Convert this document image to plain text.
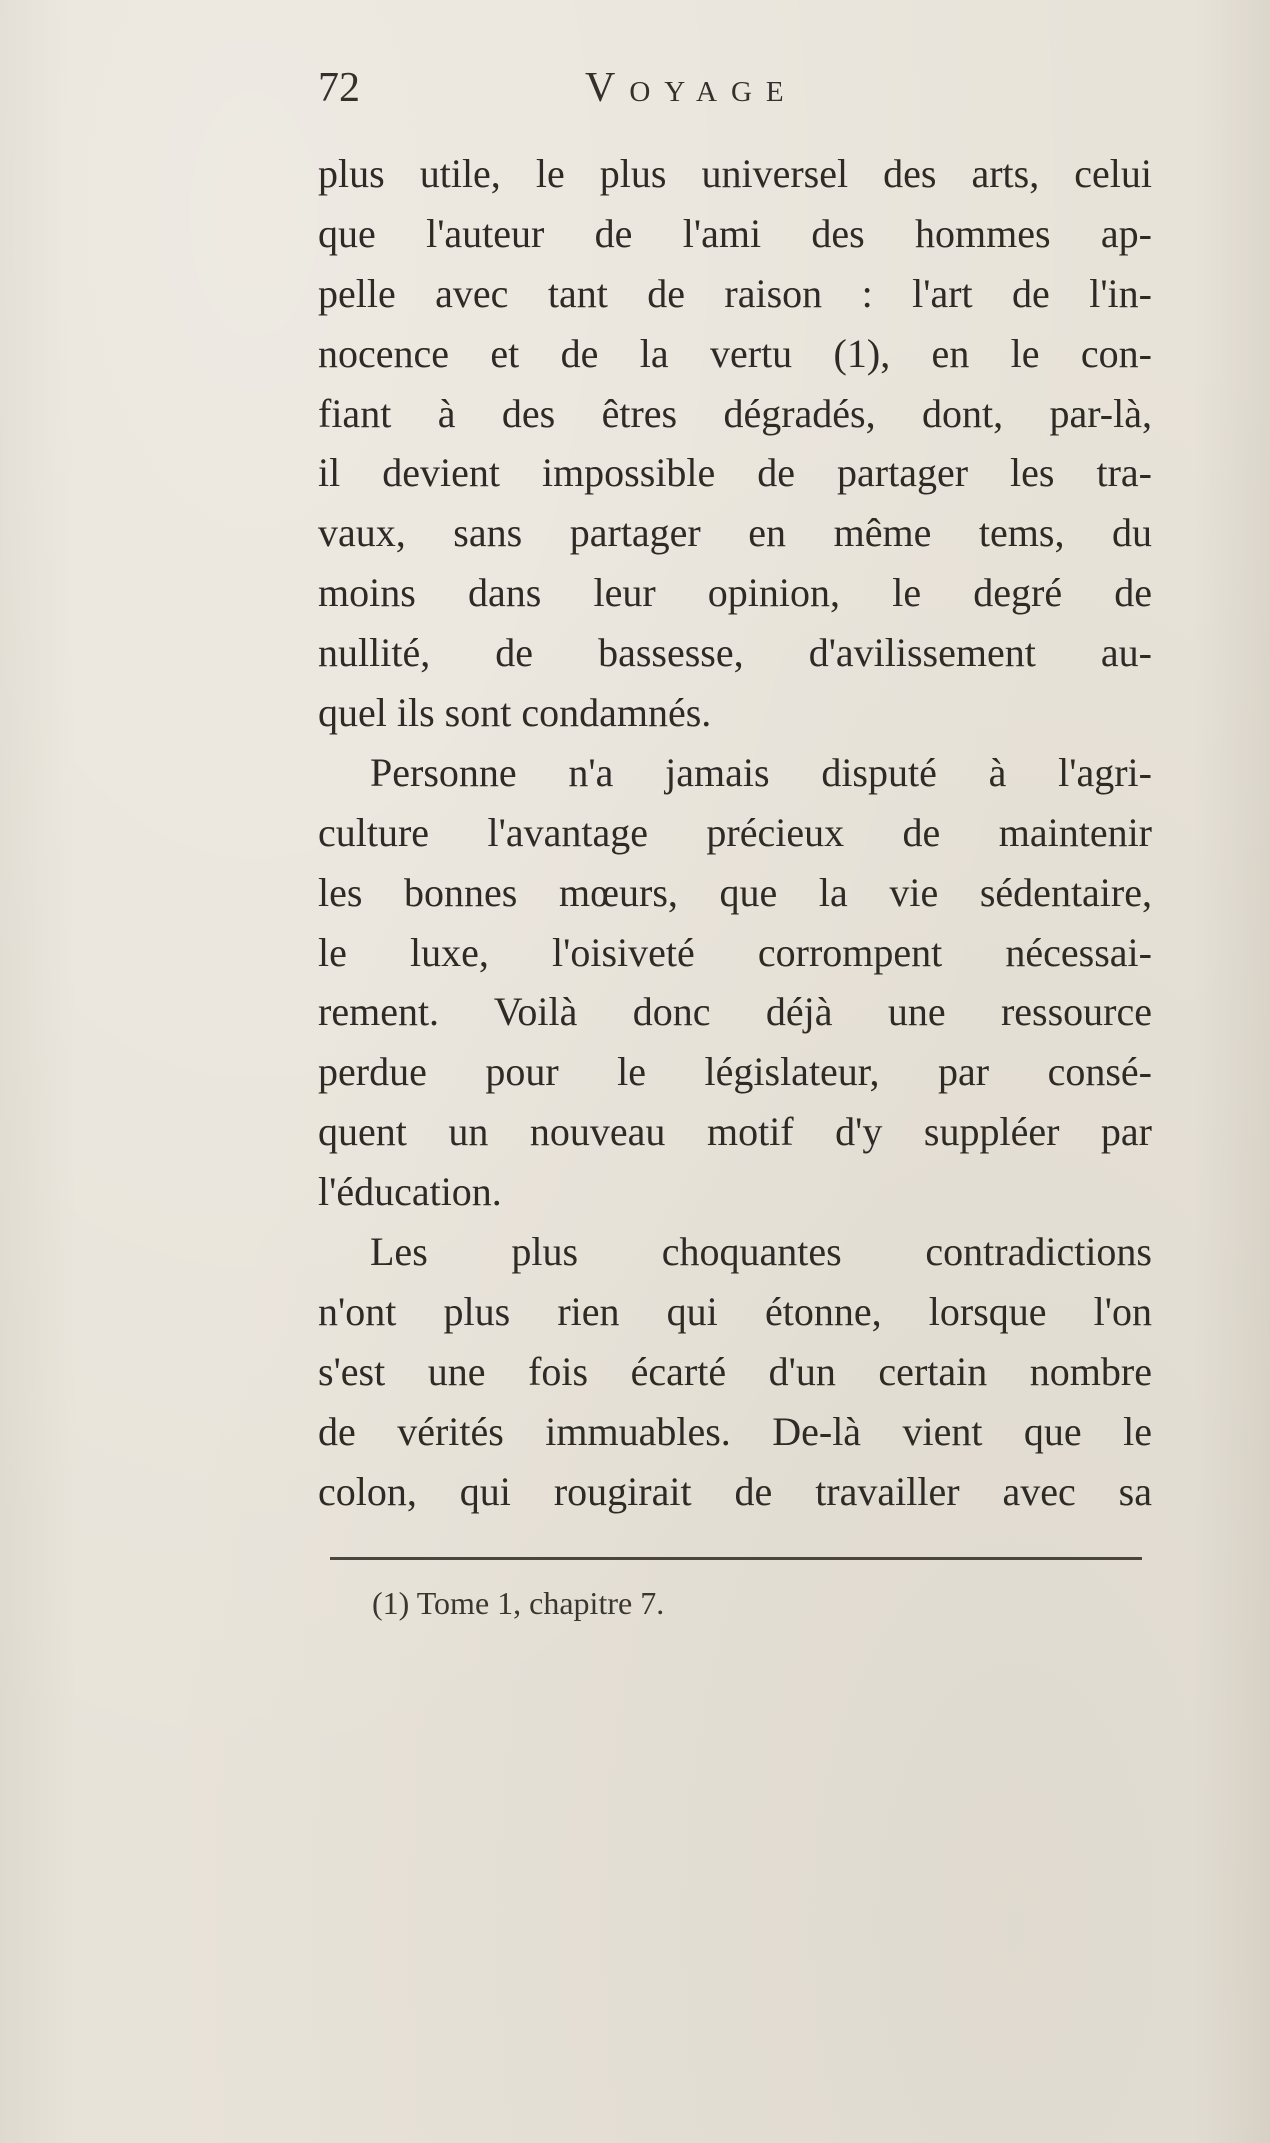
72	Voyage
plus utile, le plus universel des arts, celui
que l'auteur de l'ami des hommes ap-
pelle avec tant de raison : l'art de l'in-
nocence et de la vertu (1), en le con-
fiant à des êtres dégradés, dont, par-là,
il devient impossible de partager les tra-
vaux, sans partager en même tems, du
moins dans leur opinion, le degré de
nullité, de bassesse, d'avilissement au-
quel ils sont condamnés.
Personne n'a jamais disputé à l'agri-
culture l'avantage précieux de maintenir
les bonnes mœurs, que la vie sédentaire,
le luxe, l'oisiveté corrompent nécessai-
rement. Voilà donc déjà une ressource
perdue pour le législateur, par consé-
quent un nouveau motif d'y suppléer par
l'éducation.
Les plus choquantes contradictions
n'ont plus rien qui étonne, lorsque l'on
s'est une fois écarté d'un certain nombre
de vérités immuables. De-là vient que le
colon, qui rougirait de travailler avec sa
(1) Tome 1, chapitre 7.
